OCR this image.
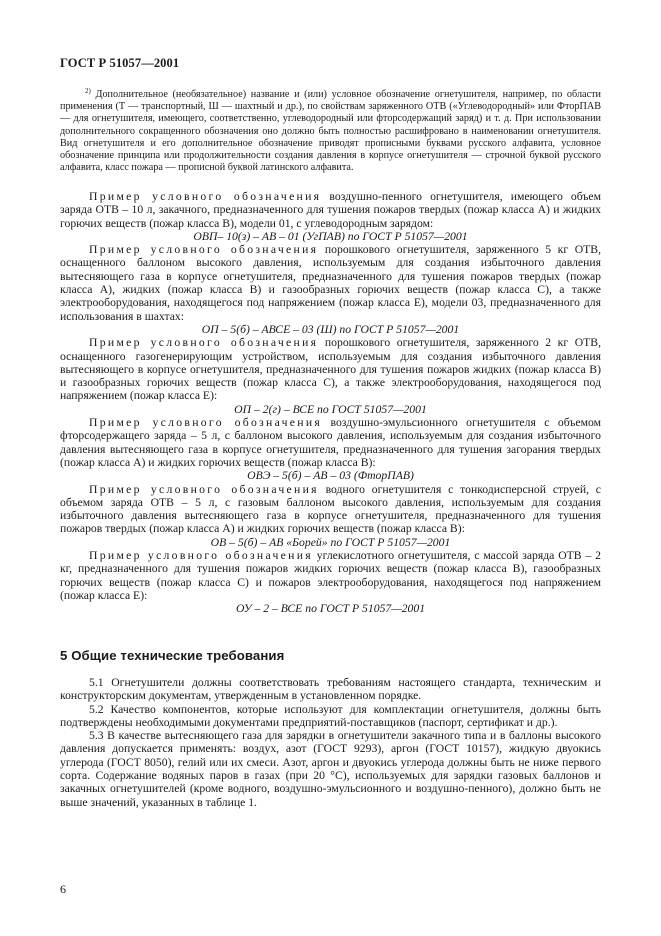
ГОСТ Р 51057—2001

$^{2)}$ Дополнительное (необязательное) название и (или) условное обозначение огнетушителя, например, по области применения (Т — транспортный, Ш — шахтный и др.), по свойствам заряженного ОТВ («Углеводородный» или ФторПАВ — для огнетушителя, имеющего, соответственно, углеводородный или фторсодержащий заряд) и т. д. При использовании дополнительного сокращенного обозначения оно должно быть полностью расшифровано в наименовании огнетушителя. Вид огнетушителя и его дополнительное обозначение приводят прописными буквами русского алфавита, условное обозначение принципа или продолжительности создания давления в корпусе огнетушителя — строчной буквой русского алфавита, класс пожара — прописной буквой латинского алфавита.

Пример условного обозначения воздушно-пенного огнетушителя, имеющего объем заряда ОТВ – 10 л, закачного, предназначенного для тушения пожаров твердых (пожар класса А) и жидких горючих веществ (пожар класса В), модели 01, с углеводородным зарядом:

ОВП– 10(з) – АВ – 01 (УгПАВ) по ГОСТ Р 51057—2001

Пример условного обозначения порошкового огнетушителя, заряженного 5 кг ОТВ, оснащенного баллоном высокого давления, используемым для создания избыточного давления вытесняющего газа в корпусе огнетушителя, предназначенного для тушения пожаров твердых (пожар класса А), жидких (пожар класса В) и газообразных горючих веществ (пожар класса С), а также электрооборудования, находящегося под напряжением (пожар класса Е), модели 03, предназначенного для использования в шахтах:

ОП – 5(б) – АВСЕ – 03 (Ш) по ГОСТ Р 51057—2001

Пример условного обозначения порошкового огнетушителя, заряженного 2 кг ОТВ, оснащенного газогенерирующим устройством, используемым для создания избыточного давления вытесняющего в корпусе огнетушителя, предназначенного для тушения пожаров жидких (пожар класса В) и газообразных горючих веществ (пожар класса С), а также электрооборудования, находящегося под напряжением (пожар класса Е):

ОП – 2(г) – ВСЕ по ГОСТ 51057—2001

Пример условного обозначения воздушно-эмульсионного огнетушителя с объемом фторсодержащего заряда – 5 л, с баллоном высокого давления, используемым для создания избыточного давления вытесняющего газа в корпусе огнетушителя, предназначенного для тушения загорания твердых (пожар класса А) и жидких горючих веществ (пожар класса В):

ОВЭ – 5(б) – АВ – 03 (ФторПАВ)

Пример условного обозначения водного огнетушителя с тонкодисперсной струей, с объемом заряда ОТВ – 5 л, с газовым баллоном высокого давления, используемым для создания избыточного давления вытесняющего газа в корпусе огнетушителя, предназначенного для тушения пожаров твердых (пожар класса А) и жидких горючих веществ (пожар класса В):

ОВ – 5(б) – АВ «Борей» по ГОСТ Р 51057—2001

Пример условного обозначения углекислотного огнетушителя, с массой заряда ОТВ – 2 кг, предназначенного для тушения пожаров жидких горючих веществ (пожар класса В), газообразных горючих веществ (пожар класса С) и пожаров электрооборудования, находящегося под напряжением (пожар класса Е):

ОУ – 2 – ВСЕ по ГОСТ Р 51057—2001

5 Общие технические требования

5.1 Огнетушители должны соответствовать требованиям настоящего стандарта, техническим и конструкторским документам, утвержденным в установленном порядке.

5.2 Качество компонентов, которые используют для комплектации огнетушителя, должны быть подтверждены необходимыми документами предприятий-поставщиков (паспорт, сертификат и др.).

5.3 В качестве вытесняющего газа для зарядки в огнетушители закачного типа и в баллоны высокого давления допускается применять: воздух, азот (ГОСТ 9293), аргон (ГОСТ 10157), жидкую двуокись углерода (ГОСТ 8050), гелий или их смеси. Азот, аргон и двуокись углерода должны быть не ниже первого сорта. Содержание водяных паров в газах (при 20 °С), используемых для зарядки газовых баллонов и закачных огнетушителей (кроме водного, воздушно-эмульсионного и воздушно-пенного), должно быть не выше значений, указанных в таблице 1.

6
